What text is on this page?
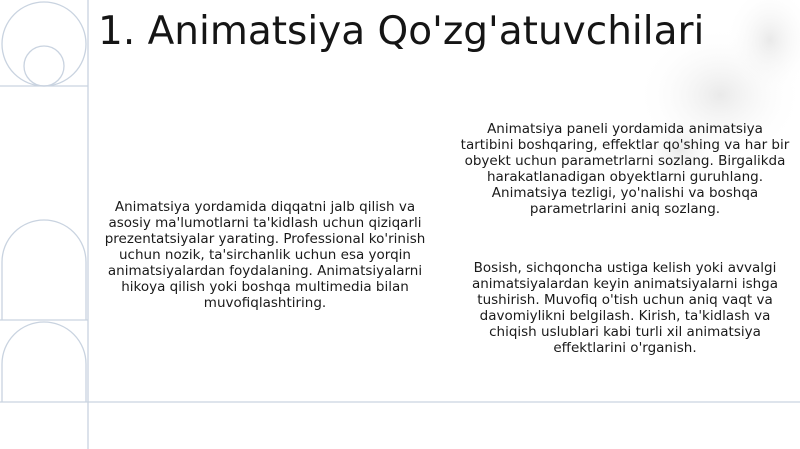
1. Animatsiya Qo'zg'atuvchilari
Animatsiya yordamida diqqatni jalb qilish va asosiy ma'lumotlarni ta'kidlash uchun qiziqarli prezentatsiyalar yarating. Professional ko'rinish uchun nozik, ta'sirchanlik uchun esa yorqin animatsiyalardan foydalaning. Animatsiyalarni hikoya qilish yoki boshqa multimedia bilan muvofiqlashtiring.
Animatsiya paneli yordamida animatsiya tartibini boshqaring, effektlar qo'shing va har bir obyekt uchun parametrlarni sozlang. Birgalikda harakatlanadigan obyektlarni guruhlang. Animatsiya tezligi, yo'nalishi va boshqa parametrlarini aniq sozlang.
Bosish, sichqoncha ustiga kelish yoki avvalgi animatsiyalardan keyin animatsiyalarni ishga tushirish. Muvofiq o'tish uchun aniq vaqt va davomiylikni belgilash. Kirish, ta'kidlash va chiqish uslublari kabi turli xil animatsiya effektlarini o'rganish.
